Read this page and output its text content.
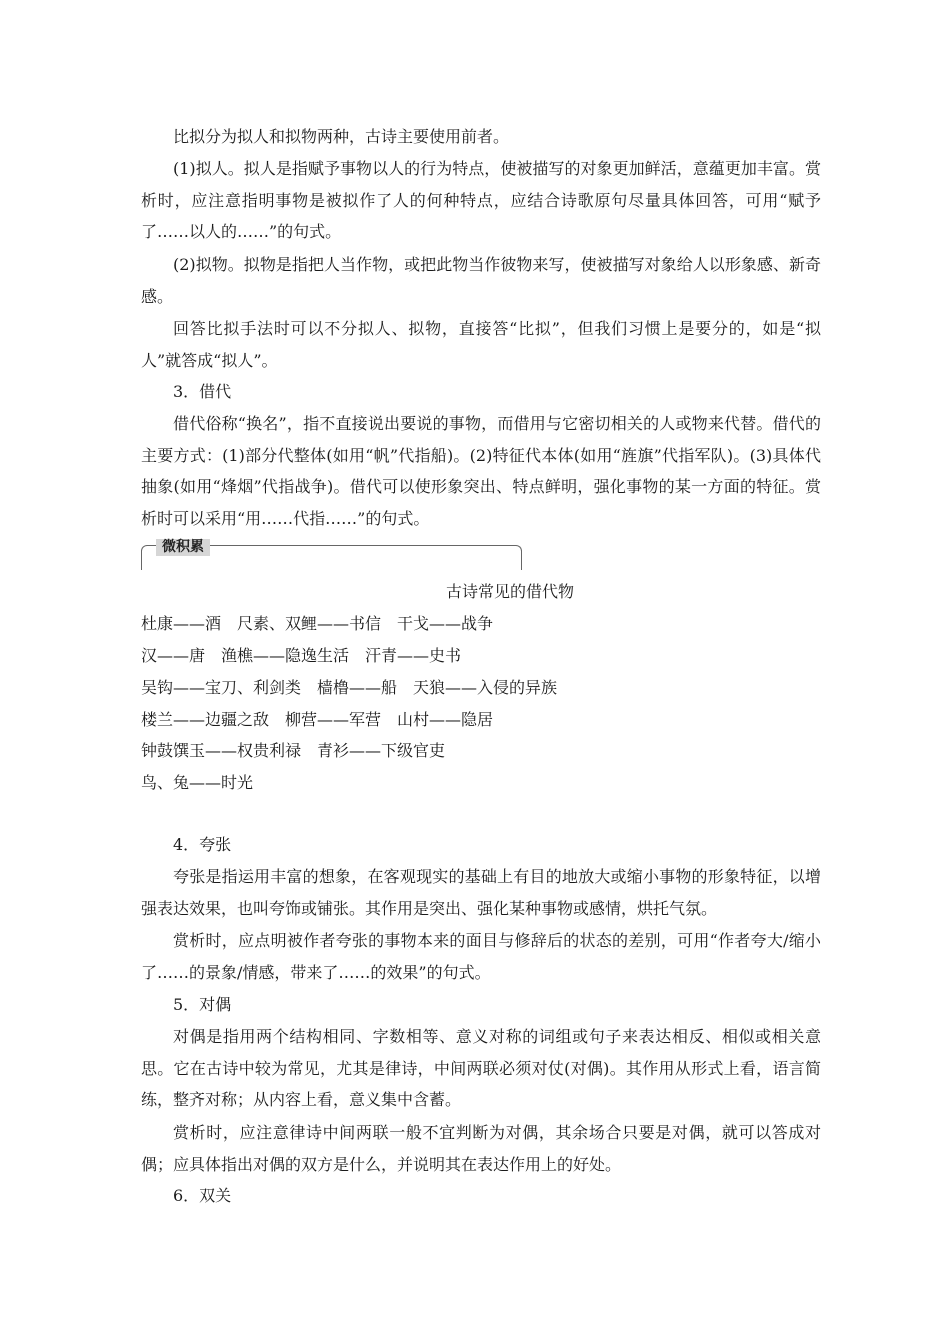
比拟分为拟人和拟物两种，古诗主要使用前者。

(1)拟人。拟人是指赋予事物以人的行为特点，使被描写的对象更加鲜活，意蕴更加丰富。赏析时，应注意指明事物是被拟作了人的何种特点，应结合诗歌原句尽量具体回答，可用“赋予了……以人的……”的句式。

(2)拟物。拟物是指把人当作物，或把此物当作彼物来写，使被描写对象给人以形象感、新奇感。

回答比拟手法时可以不分拟人、拟物，直接答“比拟”，但我们习惯上是要分的，如是“拟人”就答成“拟人”。

3．借代

借代俗称“换名”，指不直接说出要说的事物，而借用与它密切相关的人或物来代替。借代的主要方式：(1)部分代整体(如用“帆”代指船)。(2)特征代本体(如用“旌旗”代指军队)。(3)具体代抽象(如用“烽烟”代指战争)。借代可以使形象突出、特点鲜明，强化事物的某一方面的特征。赏析时可以采用“用……代指……”的句式。

微积累
古诗常见的借代物
杜康——酒　尺素、双鲤——书信　干戈——战争
汉——唐　渔樵——隐逸生活　汗青——史书
吴钩——宝刀、利剑类　樯橹——船　天狼——入侵的异族
楼兰——边疆之敌　柳营——军营　山村——隐居
钟鼓馔玉——权贵利禄　青衫——下级官吏
鸟、兔——时光

4．夸张

夸张是指运用丰富的想象，在客观现实的基础上有目的地放大或缩小事物的形象特征，以增强表达效果，也叫夸饰或铺张。其作用是突出、强化某种事物或感情，烘托气氛。

赏析时，应点明被作者夸张的事物本来的面目与修辞后的状态的差别，可用“作者夸大/缩小了……的景象/情感，带来了……的效果”的句式。

5．对偶

对偶是指用两个结构相同、字数相等、意义对称的词组或句子来表达相反、相似或相关意思。它在古诗中较为常见，尤其是律诗，中间两联必须对仗(对偶)。其作用从形式上看，语言简练，整齐对称；从内容上看，意义集中含蓄。

赏析时，应注意律诗中间两联一般不宜判断为对偶，其余场合只要是对偶，就可以答成对偶；应具体指出对偶的双方是什么，并说明其在表达作用上的好处。

6．双关
